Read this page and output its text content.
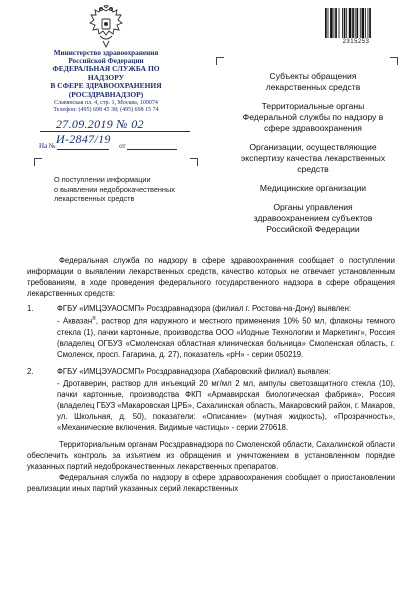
Министерство здравоохранения
Российской Федерации
ФЕДЕРАЛЬНАЯ СЛУЖБА ПО НАДЗОРУ
В СФЕРЕ ЗДРАВООХРАНЕНИЯ
(РОСЗДРАВНАДЗОР)
Славянская пл. 4, стр. 1, Москва, 109074
Телефон: (495) 698 45 38; (495) 698 15 74
27.09.2019 № 02 И-2847/19
На №	от
О поступлении информации
о выявлении недоброкачественных
лекарственных средств
2315253

Субъекты обращения лекарственных средств

Территориальные органы Федеральной службы по надзору в сфере здравоохранения

Организации, осуществляющие экспертизу качества лекарственных средств

Медицинские организации

Органы управления здравоохранением субъектов Российской Федерации

Федеральная служба по надзору в сфере здравоохранения сообщает о поступлении информации о выявлении лекарственных средств, качество которых не отвечает установленным требованиям, в ходе проведения федерального государственного надзора в сфере обращения лекарственных средств:

1.	ФГБУ «ИМЦЭУАОСМП» Росздравнадзора (филиал г. Ростова-на-Дону) выявлен:

- Аквазан®, раствор для наружного и местного применения 10% 50 мл, флаконы темного стекла (1), пачки картонные, производства ООО «Иодные Технологии и Маркетинг», Россия (владелец ОГБУЗ «Смоленская областная клиническая больница» Смоленская область, г. Смоленск, просп. Гагарина, д. 27), показатель «рН» - серии 050219.

2.	ФГБУ «ИМЦЭУАОСМП» Росздравнадзора (Хабаровский филиал) выявлен:

- Дротаверин, раствор для инъекций 20 мг/мл 2 мл, ампулы светозащитного стекла (10), пачки картонные, производства ФКП «Армавирская биологическая фабрика», Россия (владелец ГБУЗ «Макаровская ЦРБ», Сахалинская область, Макаровский район, г. Макаров, ул. Школьная, д. 50), показатели: «Описание» (мутная жидкость), «Прозрачность», «Механические включения. Видимые частицы» - серии 270618.

Территориальным органам Росздравнадзора по Смоленской области, Сахалинской области обеспечить контроль за изъятием из обращения и уничтожением в установленном порядке указанных партий недоброкачественных лекарственных препаратов.

Федеральная служба по надзору в сфере здравоохранения сообщает о приостановлении реализации иных партий указанных серий лекарственных
